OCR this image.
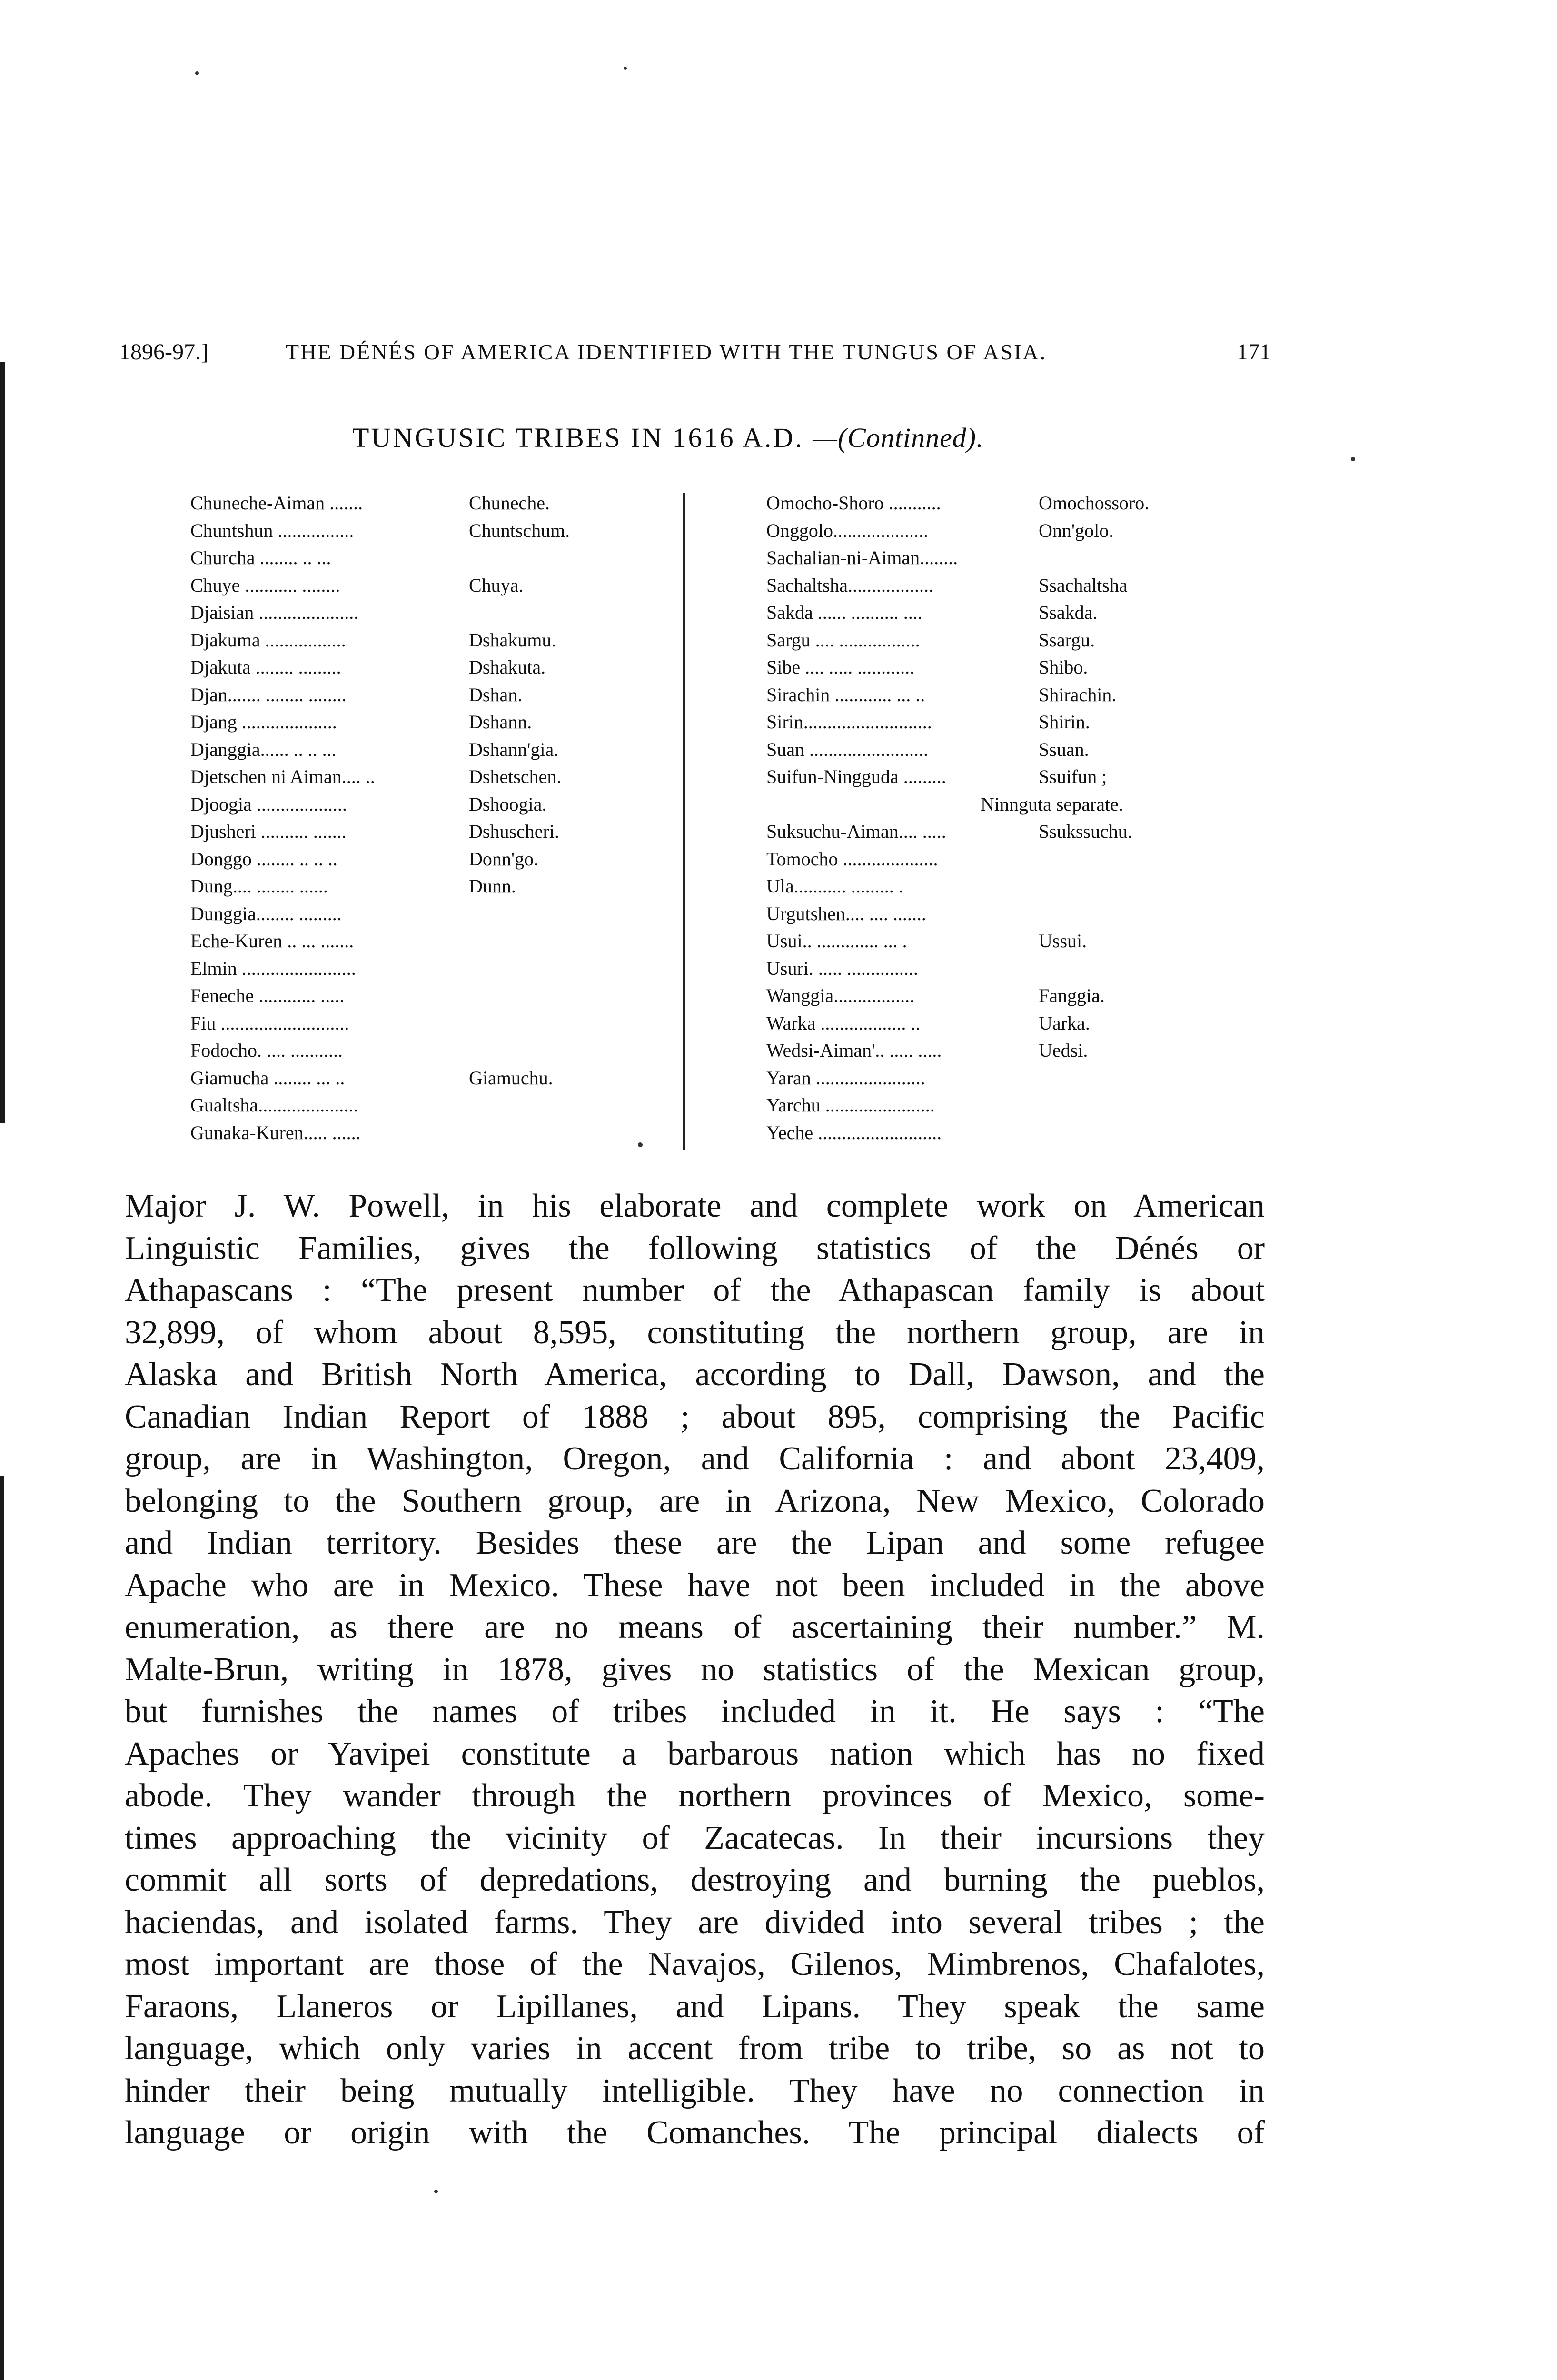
1896-97.]	THE DÉNÉS OF AMERICA IDENTIFIED WITH THE TUNGUS OF ASIA.	171
TUNGUSIC TRIBES IN 1616 A.D. —(Continned).
Chuneche-Aiman .......	Chuneche.
Chuntshun ................	Chuntschum.
Churcha ........ .. ...
Chuye ........... ........	Chuya.
Djaisian .....................
Djakuma .................	Dshakumu.
Djakuta ........ .........	Dshakuta.
Djan....... ........ ........	Dshan.
Djang ....................	Dshann.
Djanggia...... .. .. ...	Dshann'gia.
Djetschen ni Aiman.... ..	Dshetschen.
Djoogia ...................	Dshoogia.
Djusheri .......... .......	Dshuscheri.
Donggo ........ .. .. ..	Donn'go.
Dung.... ........ ......	Dunn.
Dunggia........ .........
Eche-Kuren .. ... .......
Elmin ........................
Feneche ............ .....
Fiu ...........................
Fodocho. .... ...........
Giamucha ........ ... ..	Giamuchu.
Gualtsha.....................
Gunaka-Kuren..... ......
Omocho-Shoro ...........	Omochossoro.
Onggolo....................	Onn'golo.
Sachalian-ni-Aiman........
Sachaltsha..................	Ssachaltsha
Sakda ...... .......... ....	Ssakda.
Sargu .... .................	Ssargu.
Sibe .... ..... ............	Shibo.
Sirachin ............ ... ..	Shirachin.
Sirin...........................	Shirin.
Suan .........................	Ssuan.
Suifun-Ningguda .........	Ssuifun ;
Ninnguta separate.
Suksuchu-Aiman.... .....	Ssukssuchu.
Tomocho ....................
Ula........... ......... .
Urgutshen.... .... .......
Usui.. ............. ... .	Ussui.
Usuri. ..... ...............
Wanggia.................	Fanggia.
Warka .................. ..	Uarka.
Wedsi-Aiman'.. ..... .....	Uedsi.
Yaran .......................
Yarchu .......................
Yeche ..........................
Major J. W. Powell, in his elaborate and complete work on American
Linguistic Families, gives the following statistics of the Dénés or
Athapascans : “The present number of the Athapascan family is about
32,899, of whom about 8,595, constituting the northern group, are in
Alaska and British North America, according to Dall, Dawson, and the
Canadian Indian Report of 1888 ; about 895, comprising the Pacific
group, are in Washington, Oregon, and California : and abont 23,409,
belonging to the Southern group, are in Arizona, New Mexico, Colorado
and Indian territory. Besides these are the Lipan and some refugee
Apache who are in Mexico. These have not been included in the above
enumeration, as there are no means of ascertaining their number.” M.
Malte-Brun, writing in 1878, gives no statistics of the Mexican group,
but furnishes the names of tribes included in it. He says : “The
Apaches or Yavipei constitute a barbarous nation which has no fixed
abode. They wander through the northern provinces of Mexico, some-
times approaching the vicinity of Zacatecas. In their incursions they
commit all sorts of depredations, destroying and burning the pueblos,
haciendas, and isolated farms. They are divided into several tribes ; the
most important are those of the Navajos, Gilenos, Mimbrenos, Chafalotes,
Faraons, Llaneros or Lipillanes, and Lipans. They speak the same
language, which only varies in accent from tribe to tribe, so as not to
hinder their being mutually intelligible. They have no connection in
language or origin with the Comanches. The principal dialects of
